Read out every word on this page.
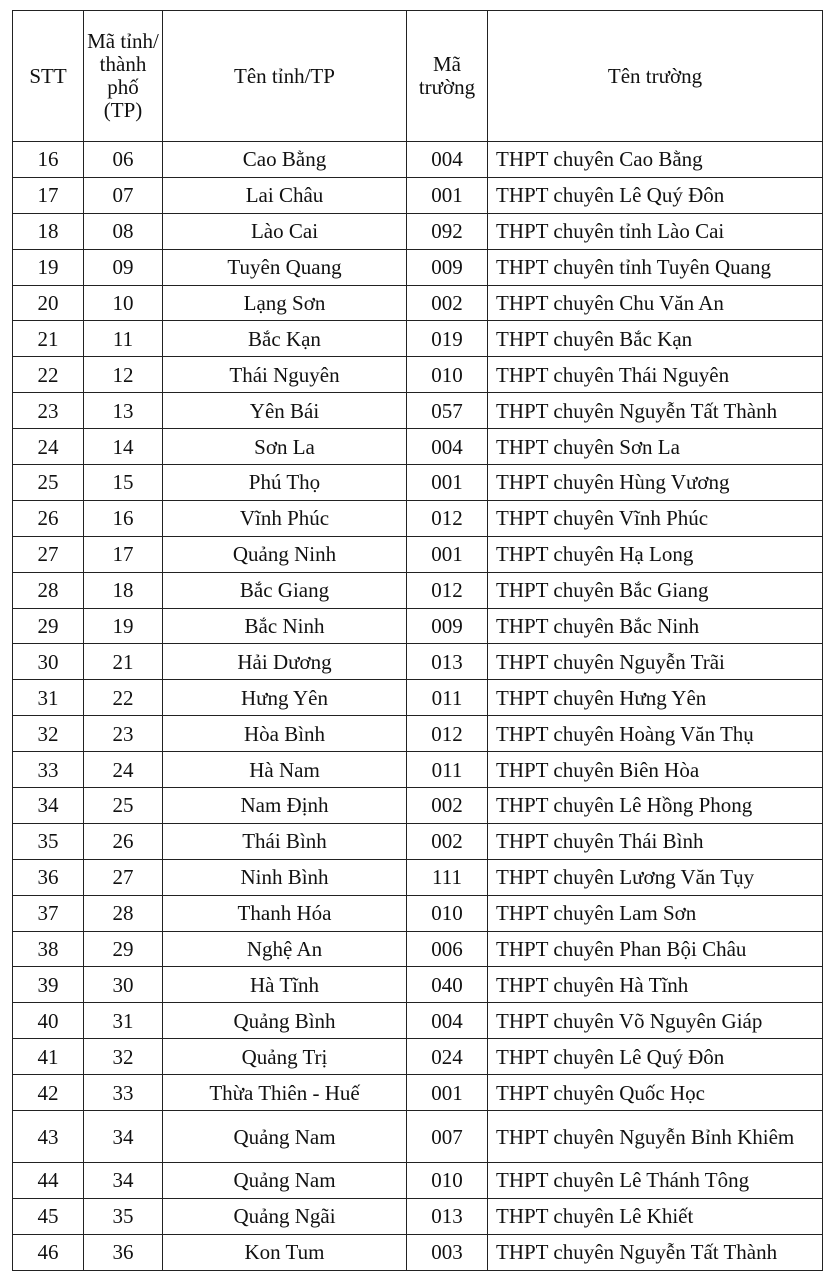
STT	Mã tỉnh/ thành phố (TP)	Tên tỉnh/TP	Mã trường	Tên trường
16	06	Cao Bằng	004	THPT chuyên Cao Bằng
17	07	Lai Châu	001	THPT chuyên Lê Quý Đôn
18	08	Lào Cai	092	THPT chuyên tỉnh Lào Cai
19	09	Tuyên Quang	009	THPT chuyên tỉnh Tuyên Quang
20	10	Lạng Sơn	002	THPT chuyên Chu Văn An
21	11	Bắc Kạn	019	THPT chuyên Bắc Kạn
22	12	Thái Nguyên	010	THPT chuyên Thái Nguyên
23	13	Yên Bái	057	THPT chuyên Nguyễn Tất Thành
24	14	Sơn La	004	THPT chuyên Sơn La
25	15	Phú Thọ	001	THPT chuyên Hùng Vương
26	16	Vĩnh Phúc	012	THPT chuyên Vĩnh Phúc
27	17	Quảng Ninh	001	THPT chuyên Hạ Long
28	18	Bắc Giang	012	THPT chuyên Bắc Giang
29	19	Bắc Ninh	009	THPT chuyên Bắc Ninh
30	21	Hải Dương	013	THPT chuyên Nguyễn Trãi
31	22	Hưng Yên	011	THPT chuyên Hưng Yên
32	23	Hòa Bình	012	THPT chuyên Hoàng Văn Thụ
33	24	Hà Nam	011	THPT chuyên Biên Hòa
34	25	Nam Định	002	THPT chuyên Lê Hồng Phong
35	26	Thái Bình	002	THPT chuyên Thái Bình
36	27	Ninh Bình	111	THPT chuyên Lương Văn Tụy
37	28	Thanh Hóa	010	THPT chuyên Lam Sơn
38	29	Nghệ An	006	THPT chuyên Phan Bội Châu
39	30	Hà Tĩnh	040	THPT chuyên Hà Tĩnh
40	31	Quảng Bình	004	THPT chuyên Võ Nguyên Giáp
41	32	Quảng Trị	024	THPT chuyên Lê Quý Đôn
42	33	Thừa Thiên - Huế	001	THPT chuyên Quốc Học
43	34	Quảng Nam	007	THPT chuyên Nguyễn Bỉnh Khiêm
44	34	Quảng Nam	010	THPT chuyên Lê Thánh Tông
45	35	Quảng Ngãi	013	THPT chuyên Lê Khiết
46	36	Kon Tum	003	THPT chuyên Nguyễn Tất Thành
